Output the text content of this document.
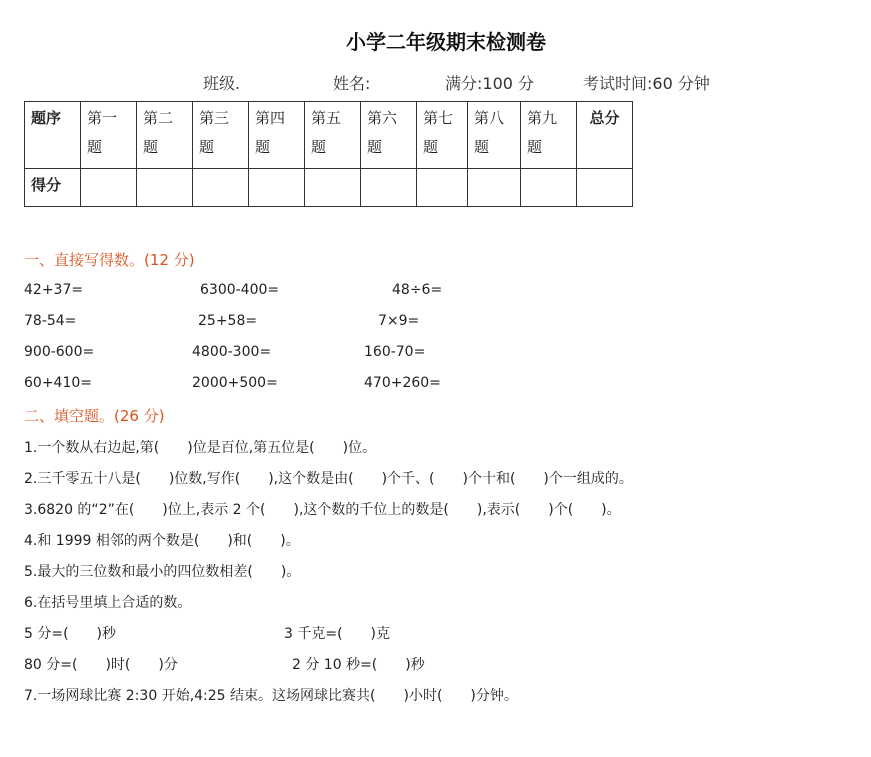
小学二年级期末检测卷
班级.	姓名:	满分:100 分	考试时间:60 分钟
题序	第一题	第二题	第三题	第四题	第五题	第六题	第七题	第八题	第九题	总分
得分										
一、直接写得数。(12 分)
42+37=	6300-400=	48÷6=
78-54=	25+58=	7×9=
900-600=	4800-300=	160-70=
60+410=	2000+500=	470+260=
二、填空题。(26 分)
1.一个数从右边起,第(　　)位是百位,第五位是(　　)位。
2.三千零五十八是(　　)位数,写作(　　),这个数是由(　　)个千、(　　)个十和(　　)个一组成的。
3.6820 的“2”在(　　)位上,表示 2 个(　　),这个数的千位上的数是(　　),表示(　　)个(　　)。
4.和 1999 相邻的两个数是(　　)和(　　)。
5.最大的三位数和最小的四位数相差(　　)。
6.在括号里填上合适的数。
5 分=(　　)秒	3 千克=(　　)克
80 分=(　　)时(　　)分	2 分 10 秒=(　　)秒
7.一场网球比赛 2:30 开始,4:25 结束。这场网球比赛共(　　)小时(　　)分钟。
